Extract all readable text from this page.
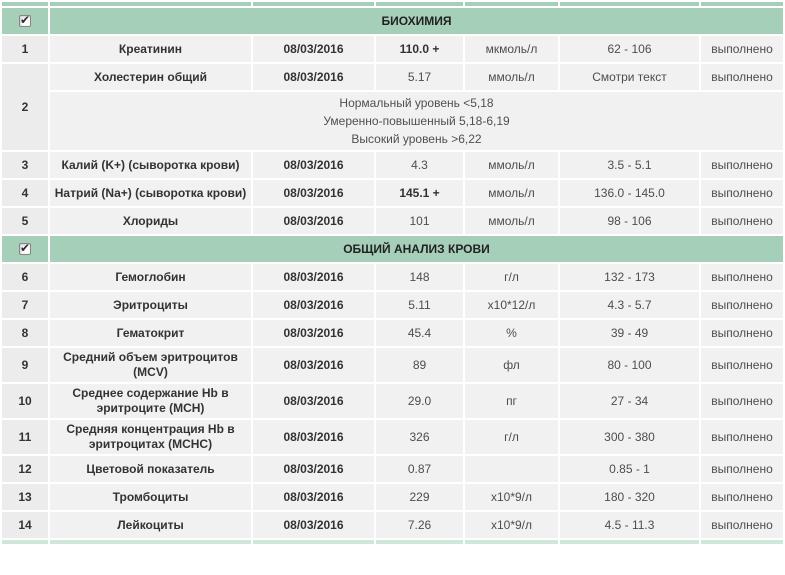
✔	БИОХИМИЯ					
1	Креатинин	08/03/2016	110.0 +	мкмоль/л	62 - 106	выполнено
2	Холестерин общий	08/03/2016	5.17	ммоль/л	Смотри текст	выполнено

	Нормальный уровень <5,18
Умеренно-повышенный 5,18-6,19
Высокий уровень >6,22					

3	Калий (K+) (сыворотка крови)	08/03/2016	4.3	ммоль/л	3.5 - 5.1	выполнено
4	Натрий (Na+) (сыворотка крови)	08/03/2016	145.1 +	ммоль/л	136.0 - 145.0	выполнено
5	Хлориды	08/03/2016	101	ммоль/л	98 - 106	выполнено
✔	ОБЩИЙ АНАЛИЗ КРОВИ					
6	Гемоглобин	08/03/2016	148	г/л	132 - 173	выполнено
7	Эритроциты	08/03/2016	5.11	х10*12/л	4.3 - 5.7	выполнено
8	Гематокрит	08/03/2016	45.4	%	39 - 49	выполнено
9	Средний объем эритроцитов (MCV)	08/03/2016	89	фл	80 - 100	выполнено
10	Среднее содержание Hb в эритроците (MCH)	08/03/2016	29.0	пг	27 - 34	выполнено
11	Средняя концентрация Hb в эритроцитах (MCHC)	08/03/2016	326	г/л	300 - 380	выполнено
12	Цветовой показатель	08/03/2016	0.87		0.85 - 1	выполнено
13	Тромбоциты	08/03/2016	229	х10*9/л	180 - 320	выполнено
14	Лейкоциты	08/03/2016	7.26	х10*9/л	4.5 - 11.3	выполнено
